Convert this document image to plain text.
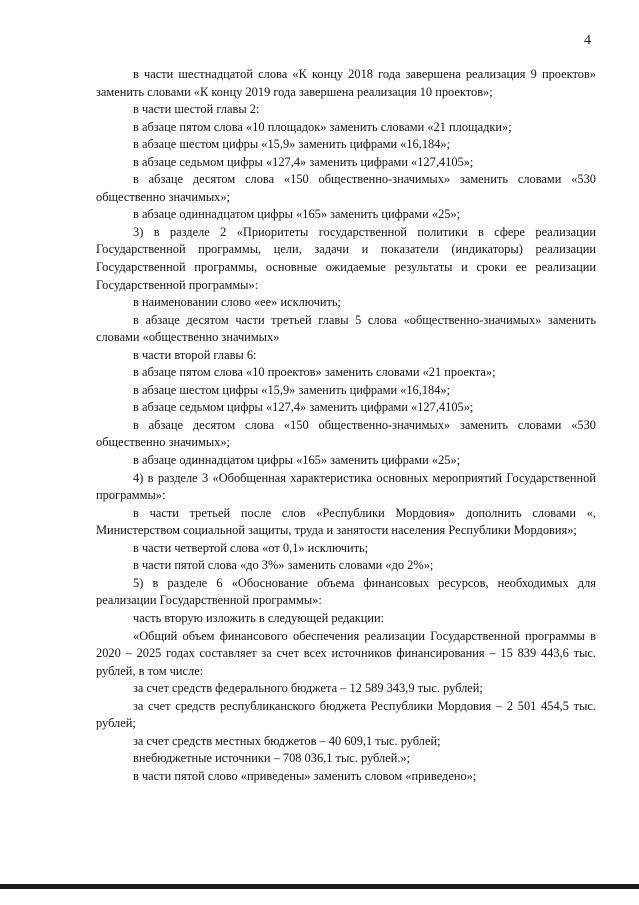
4

в части шестнадцатой слова «К концу 2018 года завершена реализация 9 проектов» заменить словами «К концу 2019 года завершена реализация 10 проектов»;

в части шестой главы 2:

в абзаце пятом слова «10 площадок» заменить словами «21 площадки»;

в абзаце шестом цифры «15,9» заменить цифрами «16,184»;

в абзаце седьмом цифры «127,4» заменить цифрами «127,4105»;

в абзаце десятом слова «150 общественно-значимых» заменить словами «530 общественно значимых»;

в абзаце одиннадцатом цифры «165» заменить цифрами «25»;

3) в разделе 2 «Приоритеты государственной политики в сфере реализации Государственной программы, цели, задачи и показатели (индикаторы) реализации Государственной программы, основные ожидаемые результаты и сроки ее реализации Государственной программы»:

в наименовании слово «ее» исключить;

в абзаце десятом части третьей главы 5 слова «общественно-значимых» заменить словами «общественно значимых»

в части второй главы 6:

в абзаце пятом слова «10 проектов» заменить словами «21 проекта»;

в абзаце шестом цифры «15,9» заменить цифрами «16,184»;

в абзаце седьмом цифры «127,4» заменить цифрами «127,4105»;

в абзаце десятом слова «150 общественно-значимых» заменить словами «530 общественно значимых»;

в абзаце одиннадцатом цифры «165» заменить цифрами «25»;

4) в разделе 3 «Обобщенная характеристика основных мероприятий Государственной программы»:

в части третьей после слов «Республики Мордовия» дополнить словами «, Министерством социальной защиты, труда и занятости населения Республики Мордовия»;

в части четвертой слова «от 0,1» исключить;

в части пятой слова «до 3%» заменить словами «до 2%»;

5) в разделе 6 «Обоснование объема финансовых ресурсов, необходимых для реализации Государственной программы»:

часть вторую изложить в следующей редакции:

«Общий объем финансового обеспечения реализации Государственной программы в 2020 – 2025 годах составляет за счет всех источников финансирования – 15 839 443,6 тыс. рублей, в том числе:

за счет средств федерального бюджета – 12 589 343,9 тыс. рублей;

за счет средств республиканского бюджета Республики Мордовия – 2 501 454,5 тыс. рублей;

за счет средств местных бюджетов – 40 609,1 тыс. рублей;

внебюджетные источники – 708 036,1 тыс. рублей.»;

в части пятой слово «приведены» заменить словом «приведено»;
